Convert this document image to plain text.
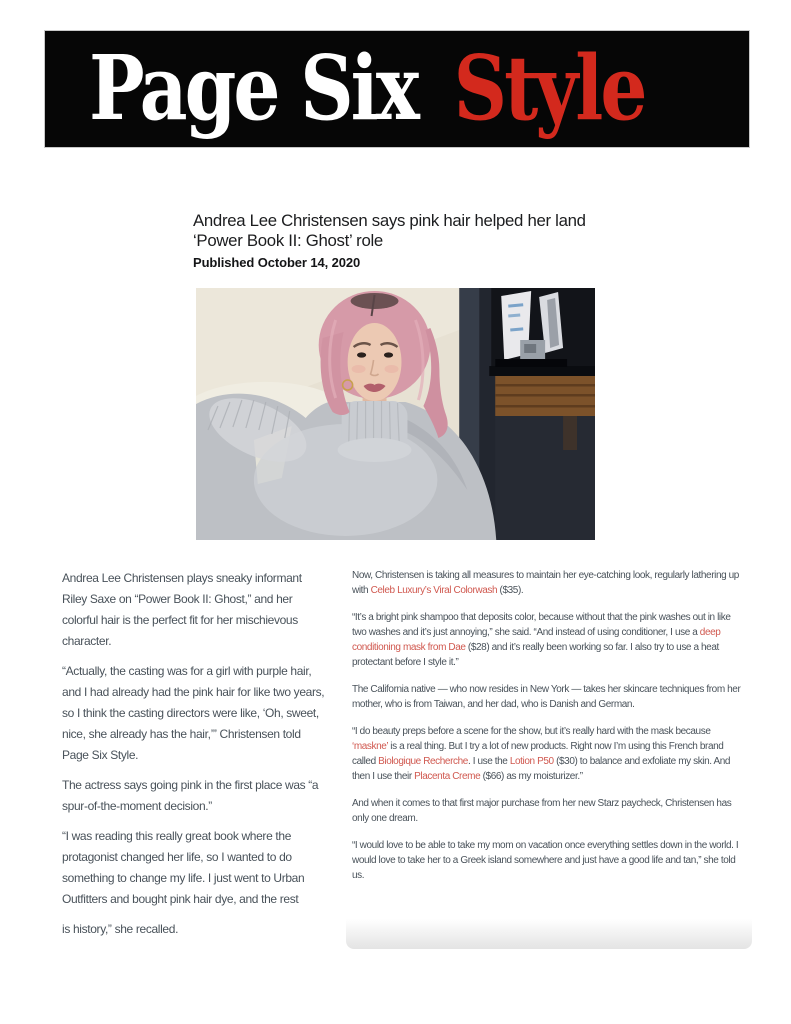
Page Six Style
Andrea Lee Christensen says pink hair helped her land ‘Power Book II: Ghost’ role
Published October 14, 2020

Andrea Lee Christensen plays sneaky informant Riley Saxe on “Power Book II: Ghost,” and her colorful hair is the perfect fit for her mischievous character.

“Actually, the casting was for a girl with purple hair, and I had already had the pink hair for like two years, so I think the casting directors were like, ‘Oh, sweet, nice, she already has the hair,’” Christensen told Page Six Style.

The actress says going pink in the first place was “a spur-of-the-moment decision.”

“I was reading this really great book where the protagonist changed her life, so I wanted to do something to change my life. I just went to Urban Outfitters and bought pink hair dye, and the rest

is history,” she recalled.

Now, Christensen is taking all measures to maintain her eye-catching look, regularly lathering up with Celeb Luxury’s Viral Colorwash ($35).

“It’s a bright pink shampoo that deposits color, because without that the pink washes out in like two washes and it’s just annoying,” she said. “And instead of using conditioner, I use a deep conditioning mask from Dae ($28) and it’s really been working so far. I also try to use a heat protectant before I style it.”

The California native — who now resides in New York — takes her skincare techniques from her mother, who is from Taiwan, and her dad, who is Danish and German.

“I do beauty preps before a scene for the show, but it’s really hard with the mask because ‘maskne’ is a real thing. But I try a lot of new products. Right now I’m using this French brand called Biologique Recherche. I use the Lotion P50 ($30) to balance and exfoliate my skin. And then I use their Placenta Creme ($66) as my moisturizer.”

And when it comes to that first major purchase from her new Starz paycheck, Christensen has only one dream.

“I would love to be able to take my mom on vacation once everything settles down in the world. I would love to take her to a Greek island somewhere and just have a good life and tan,” she told us.
